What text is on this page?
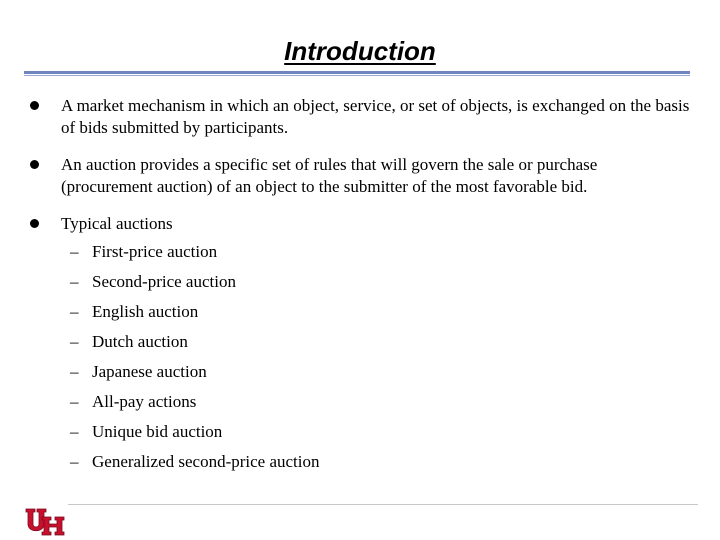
Introduction
A market mechanism in which an object, service, or set of objects, is exchanged on the basis of bids submitted by participants.
An auction provides a specific set of rules that will govern the sale or purchase (procurement auction) of an object to the submitter of the most favorable bid.
Typical auctions
– First-price auction
– Second-price auction
– English auction
– Dutch auction
– Japanese auction
– All-pay actions
– Unique bid auction
– Generalized second-price auction
